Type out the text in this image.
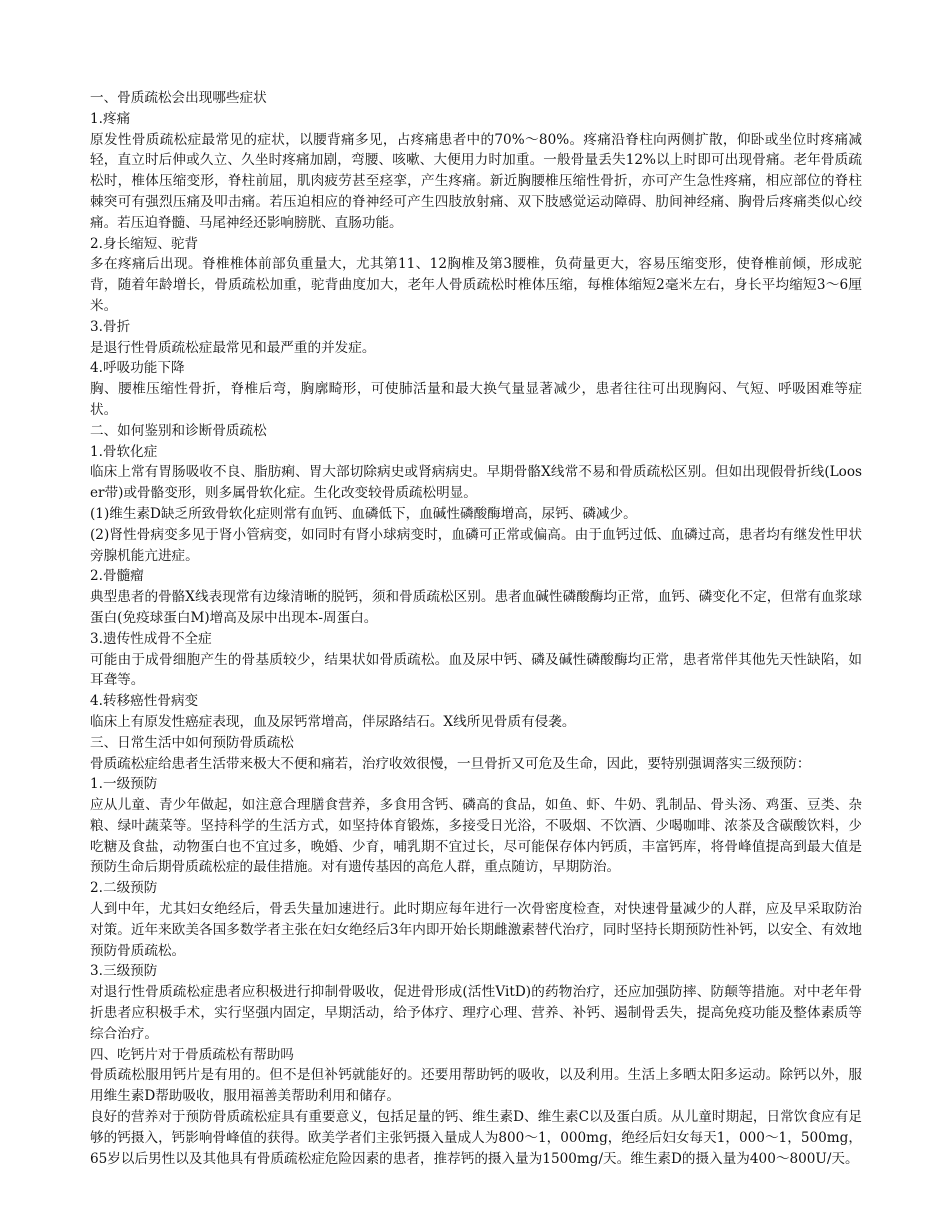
一、骨质疏松会出现哪些症状

1.疼痛

原发性骨质疏松症最常见的症状，以腰背痛多见，占疼痛患者中的70%～80%。疼痛沿脊柱向两侧扩散，仰卧或坐位时疼痛减轻，直立时后伸或久立、久坐时疼痛加剧，弯腰、咳嗽、大便用力时加重。一般骨量丢失12%以上时即可出现骨痛。老年骨质疏松时，椎体压缩变形，脊柱前屈，肌肉疲劳甚至痉挛，产生疼痛。新近胸腰椎压缩性骨折，亦可产生急性疼痛，相应部位的脊柱棘突可有强烈压痛及叩击痛。若压迫相应的脊神经可产生四肢放射痛、双下肢感觉运动障碍、肋间神经痛、胸骨后疼痛类似心绞痛。若压迫脊髓、马尾神经还影响膀胱、直肠功能。

2.身长缩短、驼背

多在疼痛后出现。脊椎椎体前部负重量大，尤其第11、12胸椎及第3腰椎，负荷量更大，容易压缩变形，使脊椎前倾，形成驼背，随着年龄增长，骨质疏松加重，驼背曲度加大，老年人骨质疏松时椎体压缩，每椎体缩短2毫米左右，身长平均缩短3～6厘米。

3.骨折

是退行性骨质疏松症最常见和最严重的并发症。

4.呼吸功能下降

胸、腰椎压缩性骨折，脊椎后弯，胸廓畸形，可使肺活量和最大换气量显著减少，患者往往可出现胸闷、气短、呼吸困难等症状。

二、如何鉴别和诊断骨质疏松

1.骨软化症

临床上常有胃肠吸收不良、脂肪痢、胃大部切除病史或肾病病史。早期骨骼X线常不易和骨质疏松区别。但如出现假骨折线(Looser带)或骨骼变形，则多属骨软化症。生化改变较骨质疏松明显。

(1)维生素D缺乏所致骨软化症则常有血钙、血磷低下，血碱性磷酸酶增高，尿钙、磷减少。

(2)肾性骨病变多见于肾小管病变，如同时有肾小球病变时，血磷可正常或偏高。由于血钙过低、血磷过高，患者均有继发性甲状旁腺机能亢进症。

2.骨髓瘤

典型患者的骨骼X线表现常有边缘清晰的脱钙，须和骨质疏松区别。患者血碱性磷酸酶均正常，血钙、磷变化不定，但常有血浆球蛋白(免疫球蛋白M)增高及尿中出现本-周蛋白。

3.遗传性成骨不全症

可能由于成骨细胞产生的骨基质较少，结果状如骨质疏松。血及尿中钙、磷及碱性磷酸酶均正常，患者常伴其他先天性缺陷，如耳聋等。

4.转移癌性骨病变

临床上有原发性癌症表现，血及尿钙常增高，伴尿路结石。X线所见骨质有侵袭。

三、日常生活中如何预防骨质疏松

骨质疏松症给患者生活带来极大不便和痛若，治疗收效很慢，一旦骨折又可危及生命，因此，要特别强调落实三级预防：

1.一级预防

应从儿童、青少年做起，如注意合理膳食营养，多食用含钙、磷高的食品，如鱼、虾、牛奶、乳制品、骨头汤、鸡蛋、豆类、杂粮、绿叶蔬菜等。坚持科学的生活方式，如坚持体育锻炼，多接受日光浴，不吸烟、不饮酒、少喝咖啡、浓茶及含碳酸饮料，少吃糖及食盐，动物蛋白也不宜过多，晚婚、少育，哺乳期不宜过长，尽可能保存体内钙质，丰富钙库，将骨峰值提高到最大值是预防生命后期骨质疏松症的最佳措施。对有遗传基因的高危人群，重点随访，早期防治。

2.二级预防

人到中年，尤其妇女绝经后，骨丢失量加速进行。此时期应每年进行一次骨密度检查，对快速骨量减少的人群，应及早采取防治对策。近年来欧美各国多数学者主张在妇女绝经后3年内即开始长期雌激素替代治疗，同时坚持长期预防性补钙，以安全、有效地预防骨质疏松。

3.三级预防

对退行性骨质疏松症患者应积极进行抑制骨吸收，促进骨形成(活性VitD)的药物治疗，还应加强防摔、防颠等措施。对中老年骨折患者应积极手术，实行坚强内固定，早期活动，给予体疗、理疗心理、营养、补钙、遏制骨丢失，提高免疫功能及整体素质等综合治疗。

四、吃钙片对于骨质疏松有帮助吗

骨质疏松服用钙片是有用的。但不是但补钙就能好的。还要用帮助钙的吸收，以及利用。生活上多晒太阳多运动。除钙以外，服用维生素D帮助吸收，服用福善美帮助利用和储存。

良好的营养对于预防骨质疏松症具有重要意义，包括足量的钙、维生素D、维生素C以及蛋白质。从儿童时期起，日常饮食应有足够的钙摄入，钙影响骨峰值的获得。欧美学者们主张钙摄入量成人为800～1，000mg，绝经后妇女每天1，000～1，500mg，65岁以后男性以及其他具有骨质疏松症危险因素的患者，推荐钙的摄入量为1500mg/天。维生素D的摄入量为400～800U/天。
